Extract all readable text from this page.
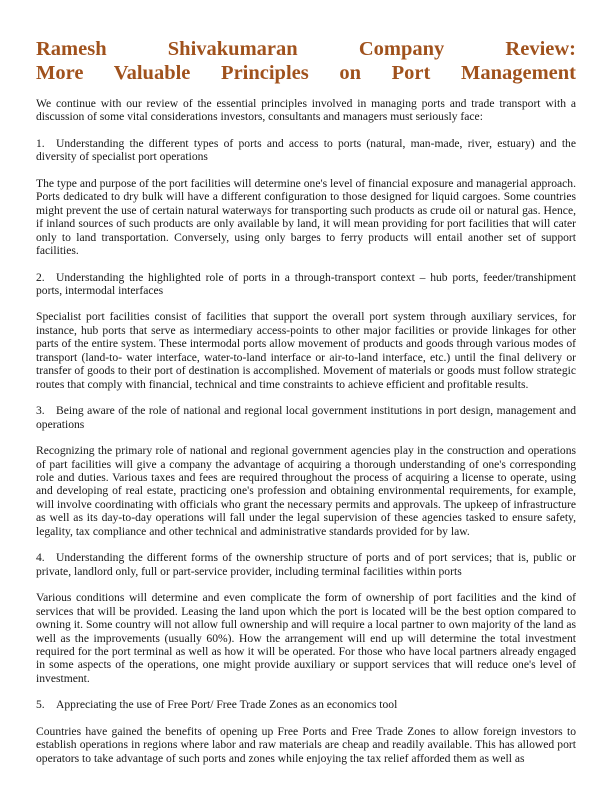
Ramesh Shivakumaran Company Review:
More Valuable Principles on Port Management

We continue with our review of the essential principles involved in managing ports and trade transport with a discussion of some vital considerations investors, consultants and managers must seriously face:

1. Understanding the different types of ports and access to ports (natural, man-made, river, estuary) and the diversity of specialist port operations

The type and purpose of the port facilities will determine one's level of financial exposure and managerial approach. Ports dedicated to dry bulk will have a different configuration to those designed for liquid cargoes. Some countries might prevent the use of certain natural waterways for transporting such products as crude oil or natural gas. Hence, if inland sources of such products are only available by land, it will mean providing for port facilities that will cater only to land transportation. Conversely, using only barges to ferry products will entail another set of support facilities.

2. Understanding the highlighted role of ports in a through-transport context – hub ports, feeder/transhipment ports, intermodal interfaces

Specialist port facilities consist of facilities that support the overall port system through auxiliary services, for instance, hub ports that serve as intermediary access-points to other major facilities or provide linkages for other parts of the entire system. These intermodal ports allow movement of products and goods through various modes of transport (land-to- water interface, water-to-land interface or air-to-land interface, etc.) until the final delivery or transfer of goods to their port of destination is accomplished. Movement of materials or goods must follow strategic routes that comply with financial, technical and time constraints to achieve efficient and profitable results.

3. Being aware of the role of national and regional local government institutions in port design, management and operations

Recognizing the primary role of national and regional government agencies play in the construction and operations of part facilities will give a company the advantage of acquiring a thorough understanding of one's corresponding role and duties. Various taxes and fees are required throughout the process of acquiring a license to operate, using and developing of real estate, practicing one's profession and obtaining environmental requirements, for example, will involve coordinating with officials who grant the necessary permits and approvals. The upkeep of infrastructure as well as its day-to-day operations will fall under the legal supervision of these agencies tasked to ensure safety, legality, tax compliance and other technical and administrative standards provided for by law.

4. Understanding the different forms of the ownership structure of ports and of port services; that is, public or private, landlord only, full or part-service provider, including terminal facilities within ports

Various conditions will determine and even complicate the form of ownership of port facilities and the kind of services that will be provided. Leasing the land upon which the port is located will be the best option compared to owning it. Some country will not allow full ownership and will require a local partner to own majority of the land as well as the improvements (usually 60%). How the arrangement will end up will determine the total investment required for the port terminal as well as how it will be operated. For those who have local partners already engaged in some aspects of the operations, one might provide auxiliary or support services that will reduce one's level of investment.

5. Appreciating the use of Free Port/ Free Trade Zones as an economics tool

Countries have gained the benefits of opening up Free Ports and Free Trade Zones to allow foreign investors to establish operations in regions where labor and raw materials are cheap and readily available. This has allowed port operators to take advantage of such ports and zones while enjoying the tax relief afforded them as well as
